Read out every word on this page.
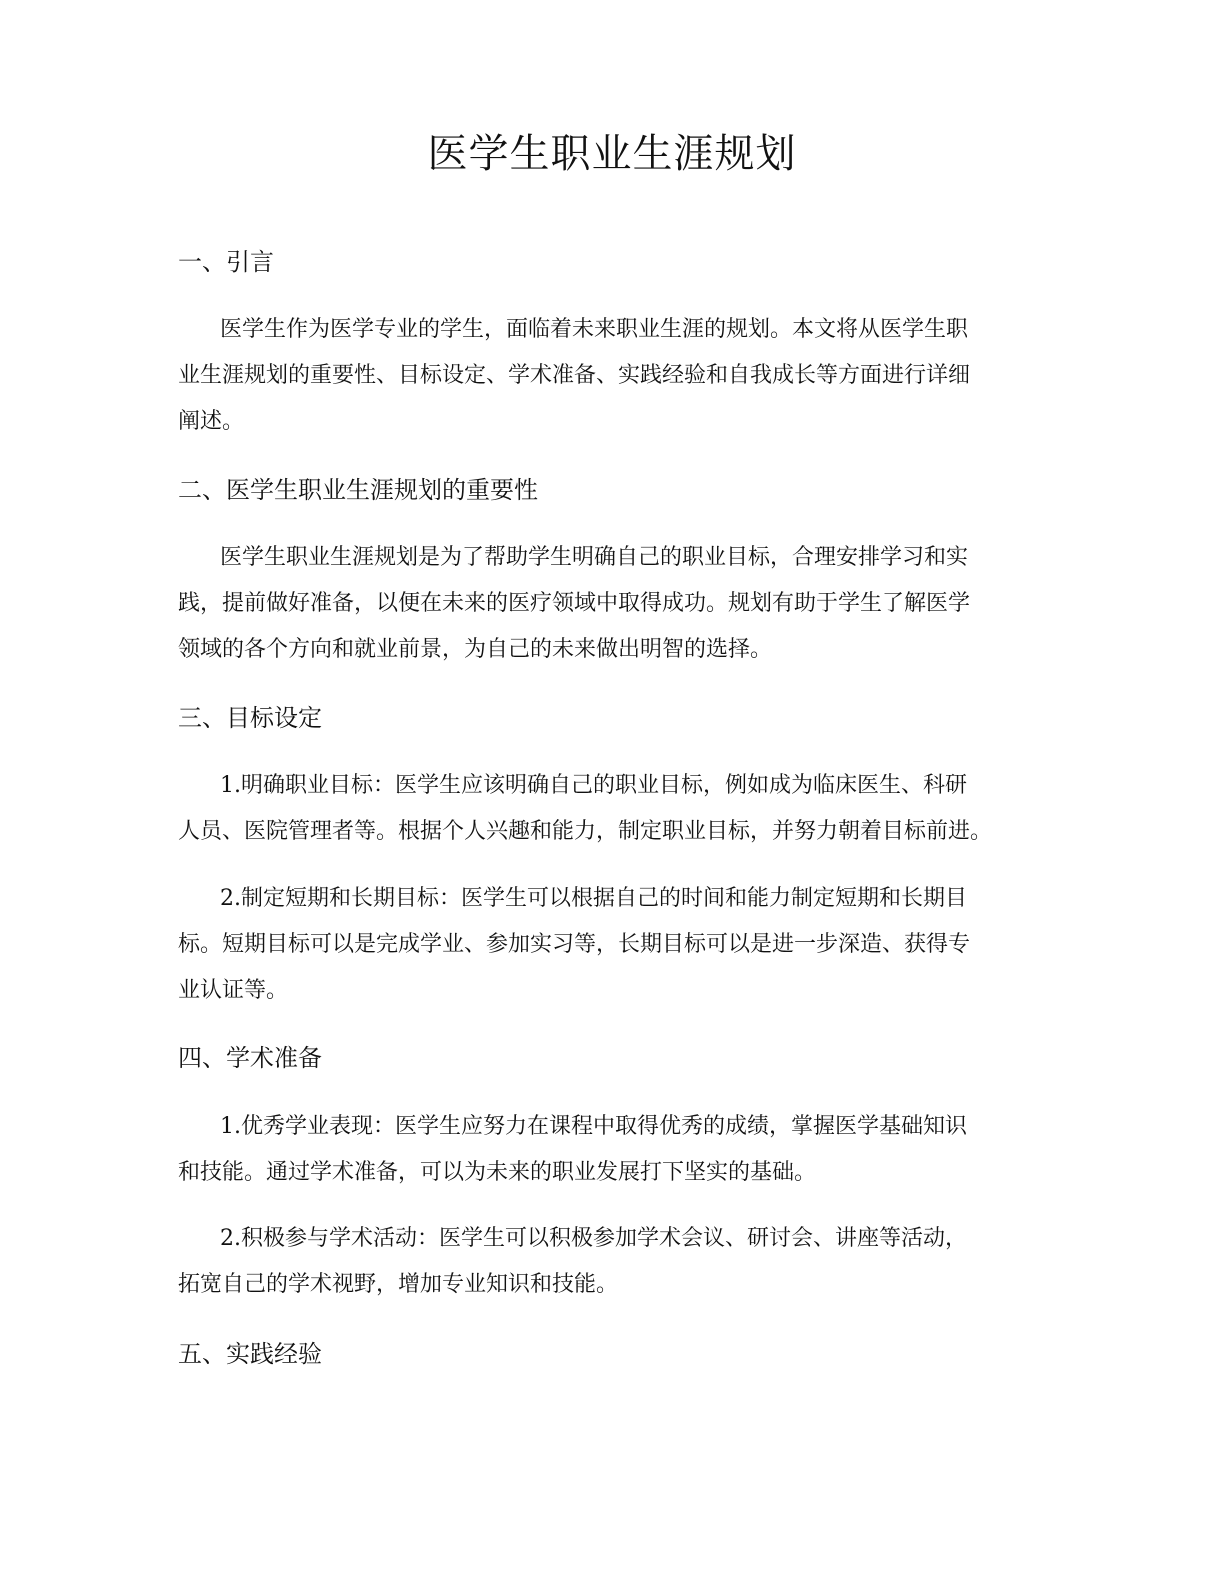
医学生职业生涯规划
一、引言
医学生作为医学专业的学生，面临着未来职业生涯的规划。本文将从医学生职
业生涯规划的重要性、目标设定、学术准备、实践经验和自我成长等方面进行详细
阐述。
二、医学生职业生涯规划的重要性
医学生职业生涯规划是为了帮助学生明确自己的职业目标，合理安排学习和实
践，提前做好准备，以便在未来的医疗领域中取得成功。规划有助于学生了解医学
领域的各个方向和就业前景，为自己的未来做出明智的选择。
三、目标设定
1.明确职业目标：医学生应该明确自己的职业目标，例如成为临床医生、科研
人员、医院管理者等。根据个人兴趣和能力，制定职业目标，并努力朝着目标前进。
2.制定短期和长期目标：医学生可以根据自己的时间和能力制定短期和长期目
标。短期目标可以是完成学业、参加实习等，长期目标可以是进一步深造、获得专
业认证等。
四、学术准备
1.优秀学业表现：医学生应努力在课程中取得优秀的成绩，掌握医学基础知识
和技能。通过学术准备，可以为未来的职业发展打下坚实的基础。
2.积极参与学术活动：医学生可以积极参加学术会议、研讨会、讲座等活动，
拓宽自己的学术视野，增加专业知识和技能。
五、实践经验
